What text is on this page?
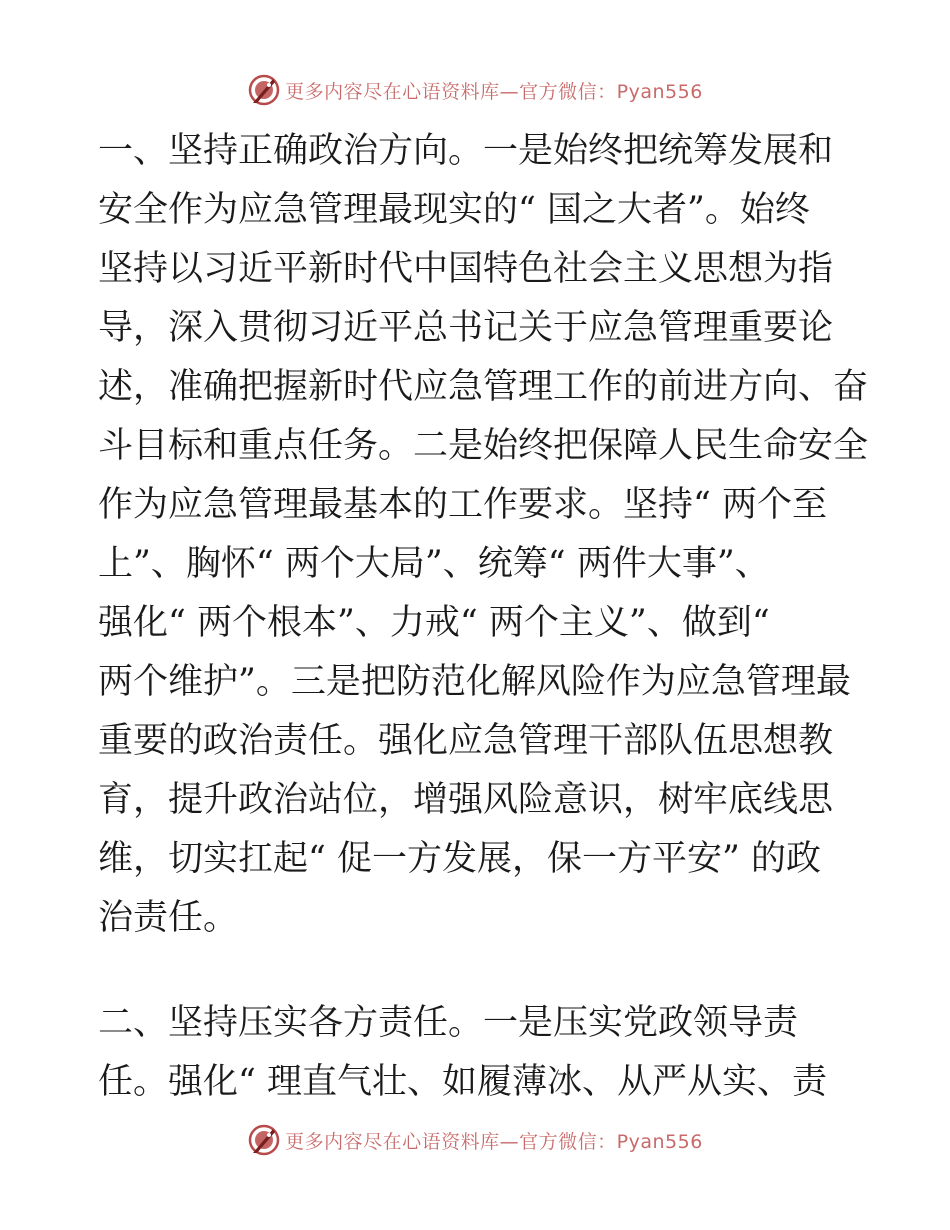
更多内容尽在心语资料库—官方微信：Pyan556
一、坚持正确政治方向。一是始终把统筹发展和
安全作为应急管理最现实的“ 国之大者”。始终
坚持以习近平新时代中国特色社会主义思想为指
导，深入贯彻习近平总书记关于应急管理重要论
述，准确把握新时代应急管理工作的前进方向、奋
斗目标和重点任务。二是始终把保障人民生命安全
作为应急管理最基本的工作要求。坚持“ 两个至
上”、胸怀“ 两个大局”、统筹“ 两件大事”、
强化“ 两个根本”、力戒“ 两个主义”、做到“
两个维护”。三是把防范化解风险作为应急管理最
重要的政治责任。强化应急管理干部队伍思想教
育，提升政治站位，增强风险意识，树牢底线思
维，切实扛起“ 促一方发展，保一方平安” 的政
治责任。
二、坚持压实各方责任。一是压实党政领导责
任。强化“ 理直气壮、如履薄冰、从严从实、责
更多内容尽在心语资料库—官方微信：Pyan556
